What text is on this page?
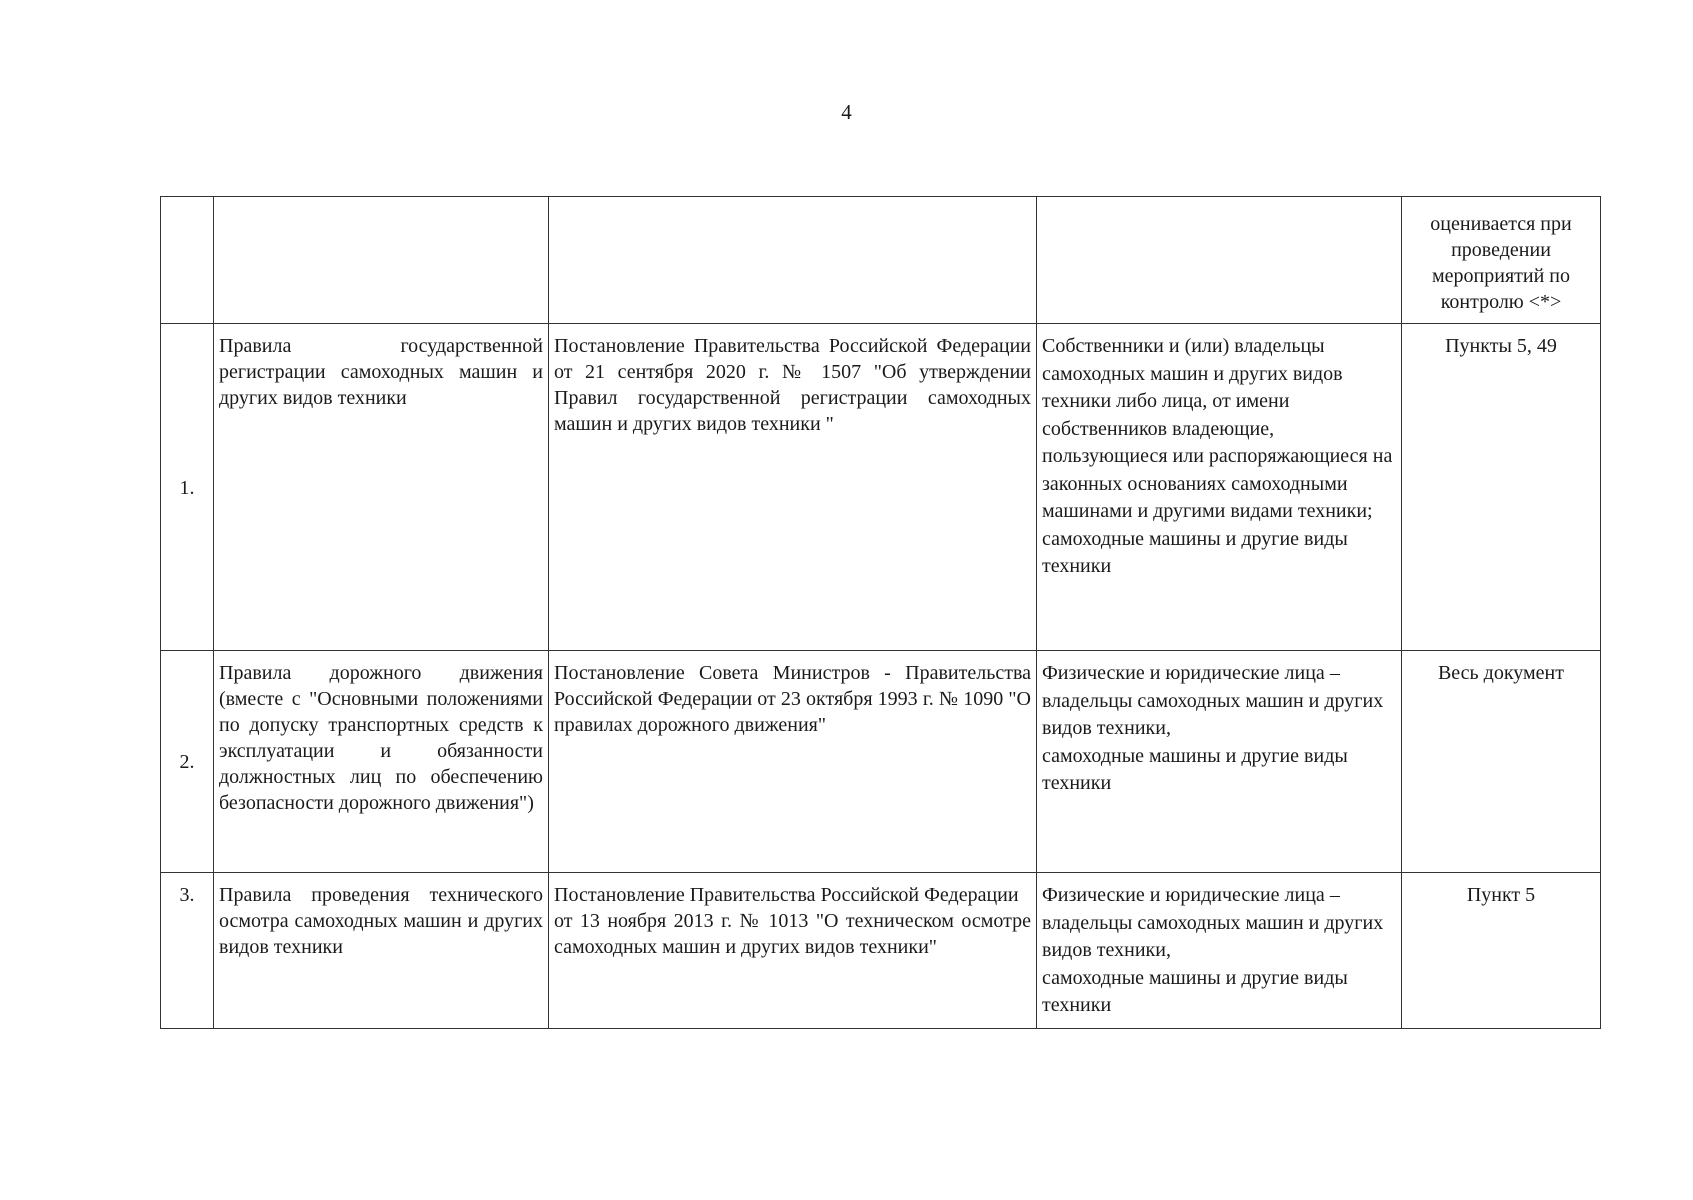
4
				оценивается при проведении мероприятий по контролю <*>
1.	Правила государственной регистрации самоходных машин и других видов техники	Постановление Правительства Российской Федерации от 21 сентября 2020 г. № 1507 "Об утверждении Правил государственной регистрации самоходных машин и других видов техники "	Собственники и (или) владельцы самоходных машин и других видов техники либо лица, от имени собственников владеющие, пользующиеся или распоряжающиеся на законных основаниях самоходными машинами и другими видами техники;
самоходные машины и другие виды техники	Пункты 5, 49
2.	Правила дорожного движения (вместе с "Основными положениями по допуску транспортных средств к эксплуатации и обязанности должностных лиц по обеспечению безопасности дорожного движения")	Постановление Совета Министров - Правительства Российской Федерации от 23 октября 1993 г. № 1090 "О правилах дорожного движения"	Физические и юридические лица – владельцы самоходных машин и других видов техники,
самоходные машины и другие виды техники	Весь документ
3.	Правила проведения технического осмотра самоходных машин и других видов техники	Постановление Правительства Российской Федерации
от 13 ноября 2013 г. № 1013 "О техническом осмотре самоходных машин и других видов техники"	Физические и юридические лица – владельцы самоходных машин и других видов техники,
самоходные машины и другие виды техники	Пункт 5
